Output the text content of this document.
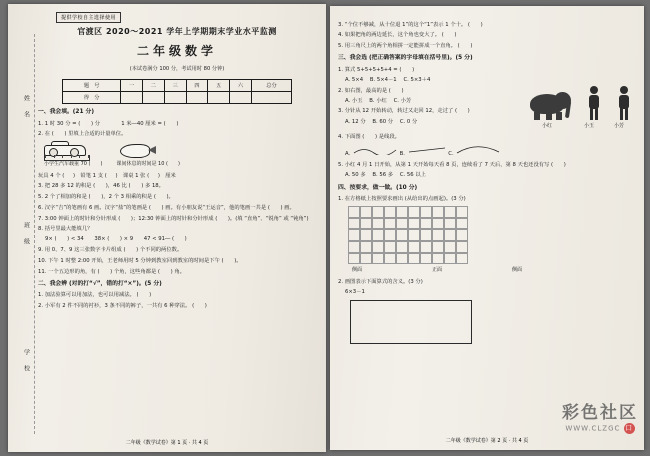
提供学校自主选择使用
姓　名
班　级
学　校
官渡区 2020～2021 学年上学期期末学业水平监测
二年级数学
(本试卷满分 100 分，考试用时 80 分钟)
题　号	一	二	三	四	五	六	总分
得　分							
一、我会填。(21 分)
1. 1 时 30 分 = (　　) 分　　　　1 米―40 厘米 = (　　)
2. 在 (　　) 里填上合适的计量单位。
小学生汽车载重 70 (　　)	课间休息的时间是 10 (　　)
玩具 4 个 ( 　 )　铅笔 1 支 ( 　 )　课桌 1 张 ( 　 )　厘米
3. 把 28 多 12 的积是 (　　)，46 比 (　　) 多 18。
5. 2 个了相加的和是 (　　)，2 个 3 相乘的积是 (　　)。
6. 汉字“吉”的笔画有 6 画。汉字“盐”的笔画是 (　　) 画。有小朋友说“王运音”，他的笔画一共是 (　　) 画。
7. 3:00 钟面上的时针和分针形成 (　　)；12:30 钟面上的时针和分针形成 (　　)。(填 “直角”、“锐角” 或 “钝角”)
8. 括号里最大能填几？
9× (　　) < 34　　38× (　　) × 9　　47 < 91― (　　)
9. 用 0、7、9 这三张数字卡片组成 (　　) 个不同的两位数。
10. 下午 1 时整 2:00 开始，王老师用时 5 分钟到教室回到教室的时间是下午 (　　)。
11. 一个五边形的角，有 (　　) 个角，这些角都是 (　　) 角。
二、我会辨 (对的打“√”，错的打“×”)。(5 分)
1. 加法验算可以用加法，也可以用减法。 (　　)
2. 小军有 2 件不同的衬衫，3 条不同的裤子，一共有 6 种穿法。 (　　)
二年级《数学试卷》第 1 页 · 共 4 页
3. “个位不够减，从十位退 1”的这个“1”表示 1 个十。 (　　)
4. 如果把角的两边延长，这个角也变大了。 (　　)
5. 用三角尺上的两个角相拼一定能拼成一个直角。 (　　)
三、我会选 (把正确答案的字母填在括号里)。(5 分)
1. 算式 5+5+5+5+4 = (　　)
A. 5×4 B. 5×4－1 C. 5×3＋4
2. 如右图，最高的是 (　　)
A. 小玉 B. 小红 C. 小芳
3. 分针从 12 开始转动，转过又走回 12，走过了 (　　)
A. 12 分 B. 60 分 C. 0 分
小红	小玉	小芳
4. 下面图 (　　) 是线段。
A.	B.	C.
5. 小红 4 月 1 日开始，从第 1 天开始每天看 8 页，连续看了 7 天后，第 8 天也还没有写 (　　)
A. 50 多 B. 56 多 C. 56 以上
四、按要求，做一做。(10 分)
1. 在方格纸上按照要求画出 (从给出的点画起)。(3 分)
侧面	正面	侧面
2. 画图表示下面算式的含义。(3 分)
6×3－1
二年级《数学试卷》第 2 页 · 共 4 页
彩色社区
WWW.CLZGC 口
